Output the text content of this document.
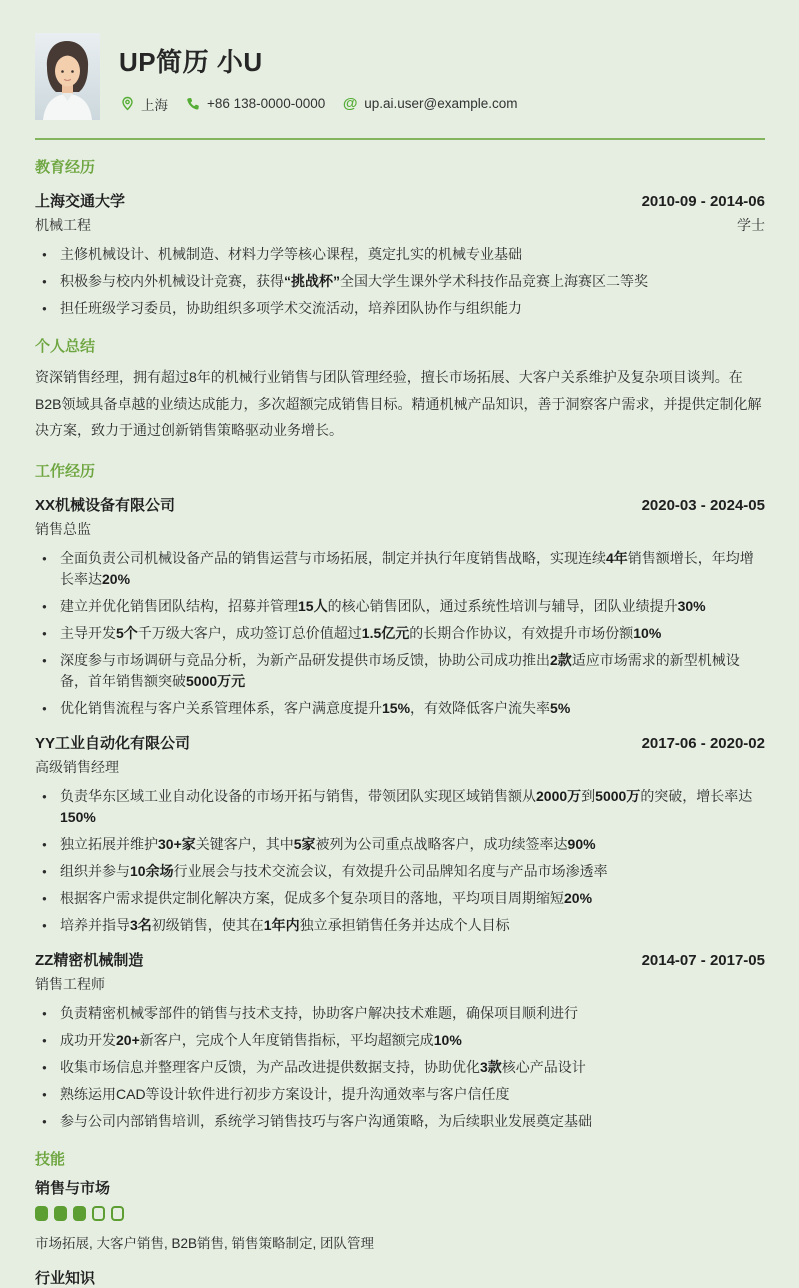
UP简历 小U
上海	+86 138-0000-0000 @ up.ai.user@example.com
教育经历
上海交通大学	2010-09 - 2014-06
机械工程	学士
● 主修机械设计、机械制造、材料力学等核心课程，奠定扎实的机械专业基础
● 积极参与校内外机械设计竞赛，获得“挑战杯”全国大学生课外学术科技作品竞赛上海赛区二等奖
● 担任班级学习委员，协助组织多项学术交流活动，培养团队协作与组织能力
个人总结
资深销售经理，拥有超过8年的机械行业销售与团队管理经验，擅长市场拓展、大客户关系维护及复杂项目谈判。在B2B领域具备卓越的业绩达成能力，多次超额完成销售目标。精通机械产品知识，善于洞察客户需求，并提供定制化解决方案，致力于通过创新销售策略驱动业务增长。
工作经历
XX机械设备有限公司	2020-03 - 2024-05
销售总监
● 全面负责公司机械设备产品的销售运营与市场拓展，制定并执行年度销售战略，实现连续4年销售额增长，年均增长率达20%
● 建立并优化销售团队结构，招募并管理15人的核心销售团队，通过系统性培训与辅导，团队业绩提升30%
● 主导开发5个千万级大客户，成功签订总价值超过1.5亿元的长期合作协议，有效提升市场份额10%
● 深度参与市场调研与竞品分析，为新产品研发提供市场反馈，协助公司成功推出2款适应市场需求的新型机械设备，首年销售额突破5000万元
● 优化销售流程与客户关系管理体系，客户满意度提升15%，有效降低客户流失率5%
YY工业自动化有限公司	2017-06 - 2020-02
高级销售经理
● 负责华东区域工业自动化设备的市场开拓与销售，带领团队实现区域销售额从2000万到5000万的突破，增长率达150%
● 独立拓展并维护30+家关键客户，其中5家被列为公司重点战略客户，成功续签率达90%
● 组织并参与10余场行业展会与技术交流会议，有效提升公司品牌知名度与产品市场渗透率
● 根据客户需求提供定制化解决方案，促成多个复杂项目的落地，平均项目周期缩短20%
● 培养并指导3名初级销售，使其在1年内独立承担销售任务并达成个人目标
ZZ精密机械制造	2014-07 - 2017-05
销售工程师
● 负责精密机械零部件的销售与技术支持，协助客户解决技术难题，确保项目顺利进行
● 成功开发20+新客户，完成个人年度销售指标，平均超额完成10%
● 收集市场信息并整理客户反馈，为产品改进提供数据支持，协助优化3款核心产品设计
● 熟练运用CAD等设计软件进行初步方案设计，提升沟通效率与客户信任度
● 参与公司内部销售培训，系统学习销售技巧与客户沟通策略，为后续职业发展奠定基础
技能
销售与市场
市场拓展, 大客户销售, B2B销售, 销售策略制定, 团队管理
行业知识
